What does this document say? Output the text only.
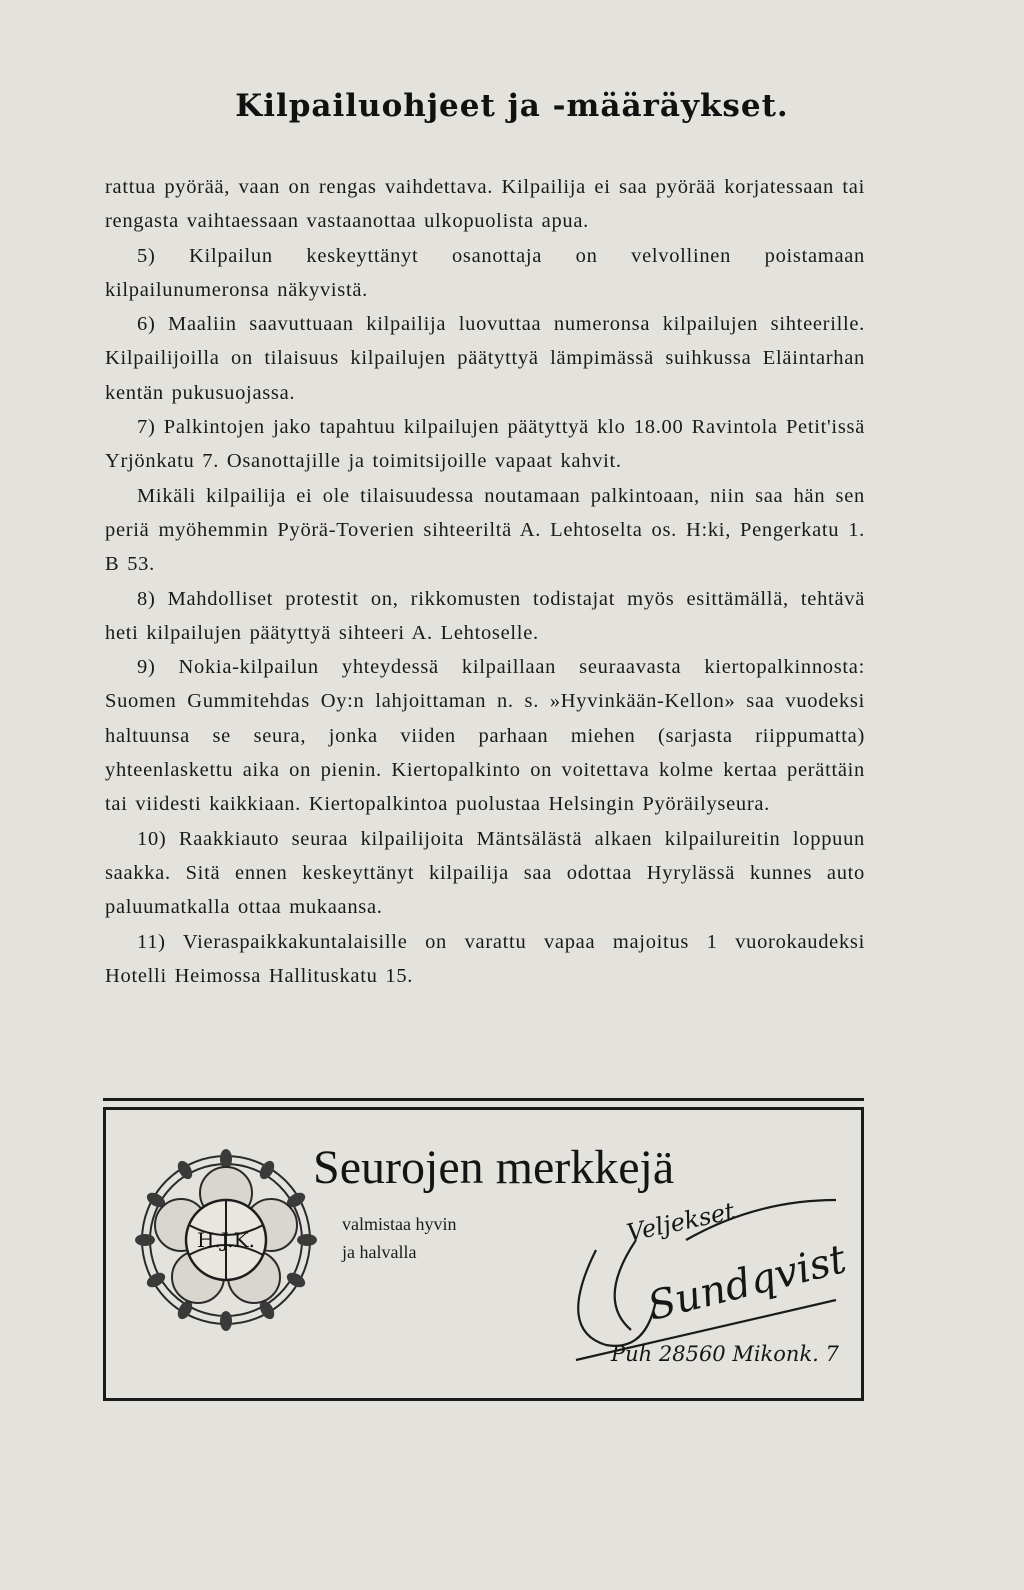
Kilpailuohjeet ja -määräykset.

rattua pyörää, vaan on rengas vaihdettava. Kilpailija ei saa pyörää korjatessaan tai rengasta vaihtaessaan vastaanottaa ulkopuolista apua.

5) Kilpailun keskeyttänyt osanottaja on velvollinen poistamaan kilpailunumeronsa näkyvistä.

6) Maaliin saavuttuaan kilpailija luovuttaa numeronsa kilpailujen sihteerille. Kilpailijoilla on tilaisuus kilpailujen päätyttyä lämpimässä suihkussa Eläintarhan kentän pukusuojassa.

7) Palkintojen jako tapahtuu kilpailujen päätyttyä klo 18.00 Ravintola Petit'issä Yrjönkatu 7. Osanottajille ja toimitsijoille vapaat kahvit.

Mikäli kilpailija ei ole tilaisuudessa noutamaan palkintoaan, niin saa hän sen periä myöhemmin Pyörä-Toverien sihteeriltä A. Lehtoselta os. H:ki, Pengerkatu 1. B 53.

8) Mahdolliset protestit on, rikkomusten todistajat myös esittämällä, tehtävä heti kilpailujen päätyttyä sihteeri A. Lehtoselle.

9) Nokia-kilpailun yhteydessä kilpaillaan seuraavasta kiertopalkinnosta: Suomen Gummitehdas Oy:n lahjoittaman n. s. »Hyvinkään-Kellon» saa vuodeksi haltuunsa se seura, jonka viiden parhaan miehen (sarjasta riippumatta) yhteenlaskettu aika on pienin. Kiertopalkinto on voitettava kolme kertaa perättäin tai viidesti kaikkiaan. Kiertopalkintoa puolustaa Helsingin Pyöräilyseura.

10) Raakkiauto seuraa kilpailijoita Mäntsälästä alkaen kilpailureitin loppuun saakka. Sitä ennen keskeyttänyt kilpailija saa odottaa Hyrylässä kunnes auto paluumatkalla ottaa mukaansa.

11) Vieraspaikkakuntalaisille on varattu vapaa majoitus 1 vuorokaudeksi Hotelli Heimossa Hallituskatu 15.

H.J.K.
Seurojen merkkejä
valmistaa hyvin
ja halvalla
Veljekset
Sundqvist
Puh 28560 Mikonk. 7
